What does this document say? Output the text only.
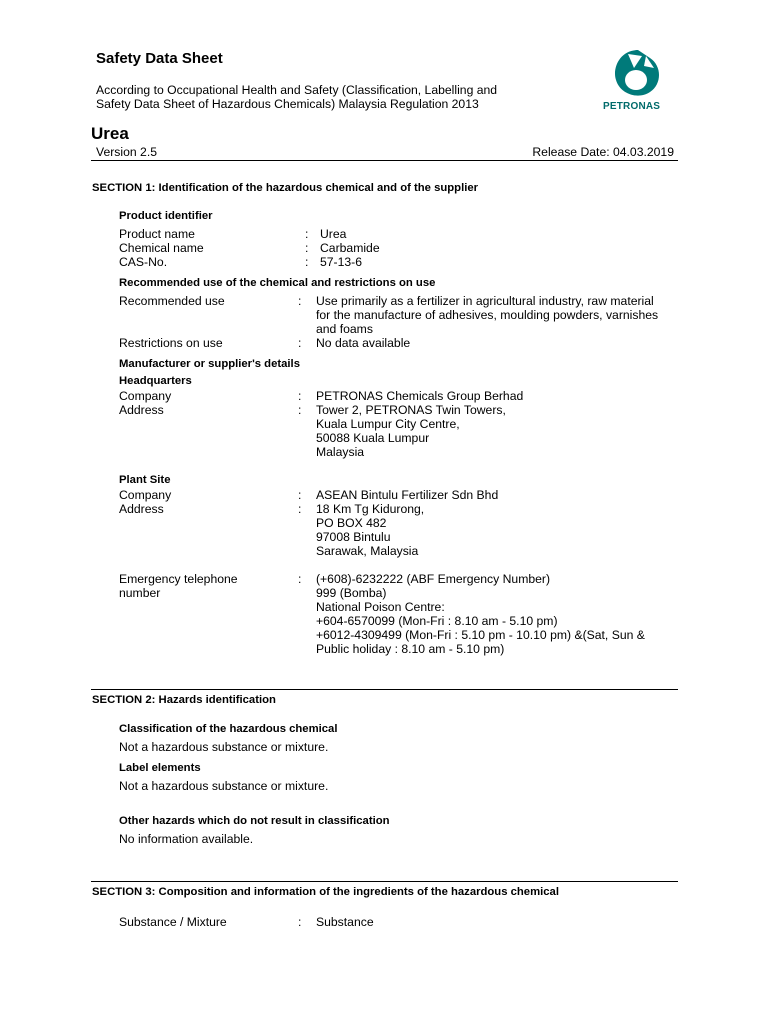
Safety Data Sheet
According to Occupational Health and Safety (Classification, Labelling and
Safety Data Sheet of Hazardous Chemicals) Malaysia Regulation 2013	PETRONAS
Urea
Version 2.5	Release Date: 04.03.2019
SECTION 1: Identification of the hazardous chemical and of the supplier
Product identifier
Product name	: Urea
Chemical name	: Carbamide
CAS-No.	: 57-13-6
Recommended use of the chemical and restrictions on use
Recommended use	: Use primarily as a fertilizer in agricultural industry, raw material
for the manufacture of adhesives, moulding powders, varnishes
and foams
Restrictions on use	: No data available
Manufacturer or supplier's details
Headquarters
Company	: PETRONAS Chemicals Group Berhad
Address	: Tower 2, PETRONAS Twin Towers,
Kuala Lumpur City Centre,
50088 Kuala Lumpur
Malaysia
Plant Site
Company	: ASEAN Bintulu Fertilizer Sdn Bhd
Address	: 18 Km Tg Kidurong,
PO BOX 482
97008 Bintulu
Sarawak, Malaysia
Emergency telephone
number
: (+608)-6232222 (ABF Emergency Number)
999 (Bomba)
National Poison Centre:
+604-6570099 (Mon-Fri : 8.10 am - 5.10 pm)
+6012-4309499 (Mon-Fri : 5.10 pm - 10.10 pm) &(Sat, Sun &
Public holiday : 8.10 am - 5.10 pm)
SECTION 2: Hazards identification
Classification of the hazardous chemical
Not a hazardous substance or mixture.
Label elements
Not a hazardous substance or mixture.
Other hazards which do not result in classification
No information available.
SECTION 3: Composition and information of the ingredients of the hazardous chemical
Substance / Mixture	: Substance
